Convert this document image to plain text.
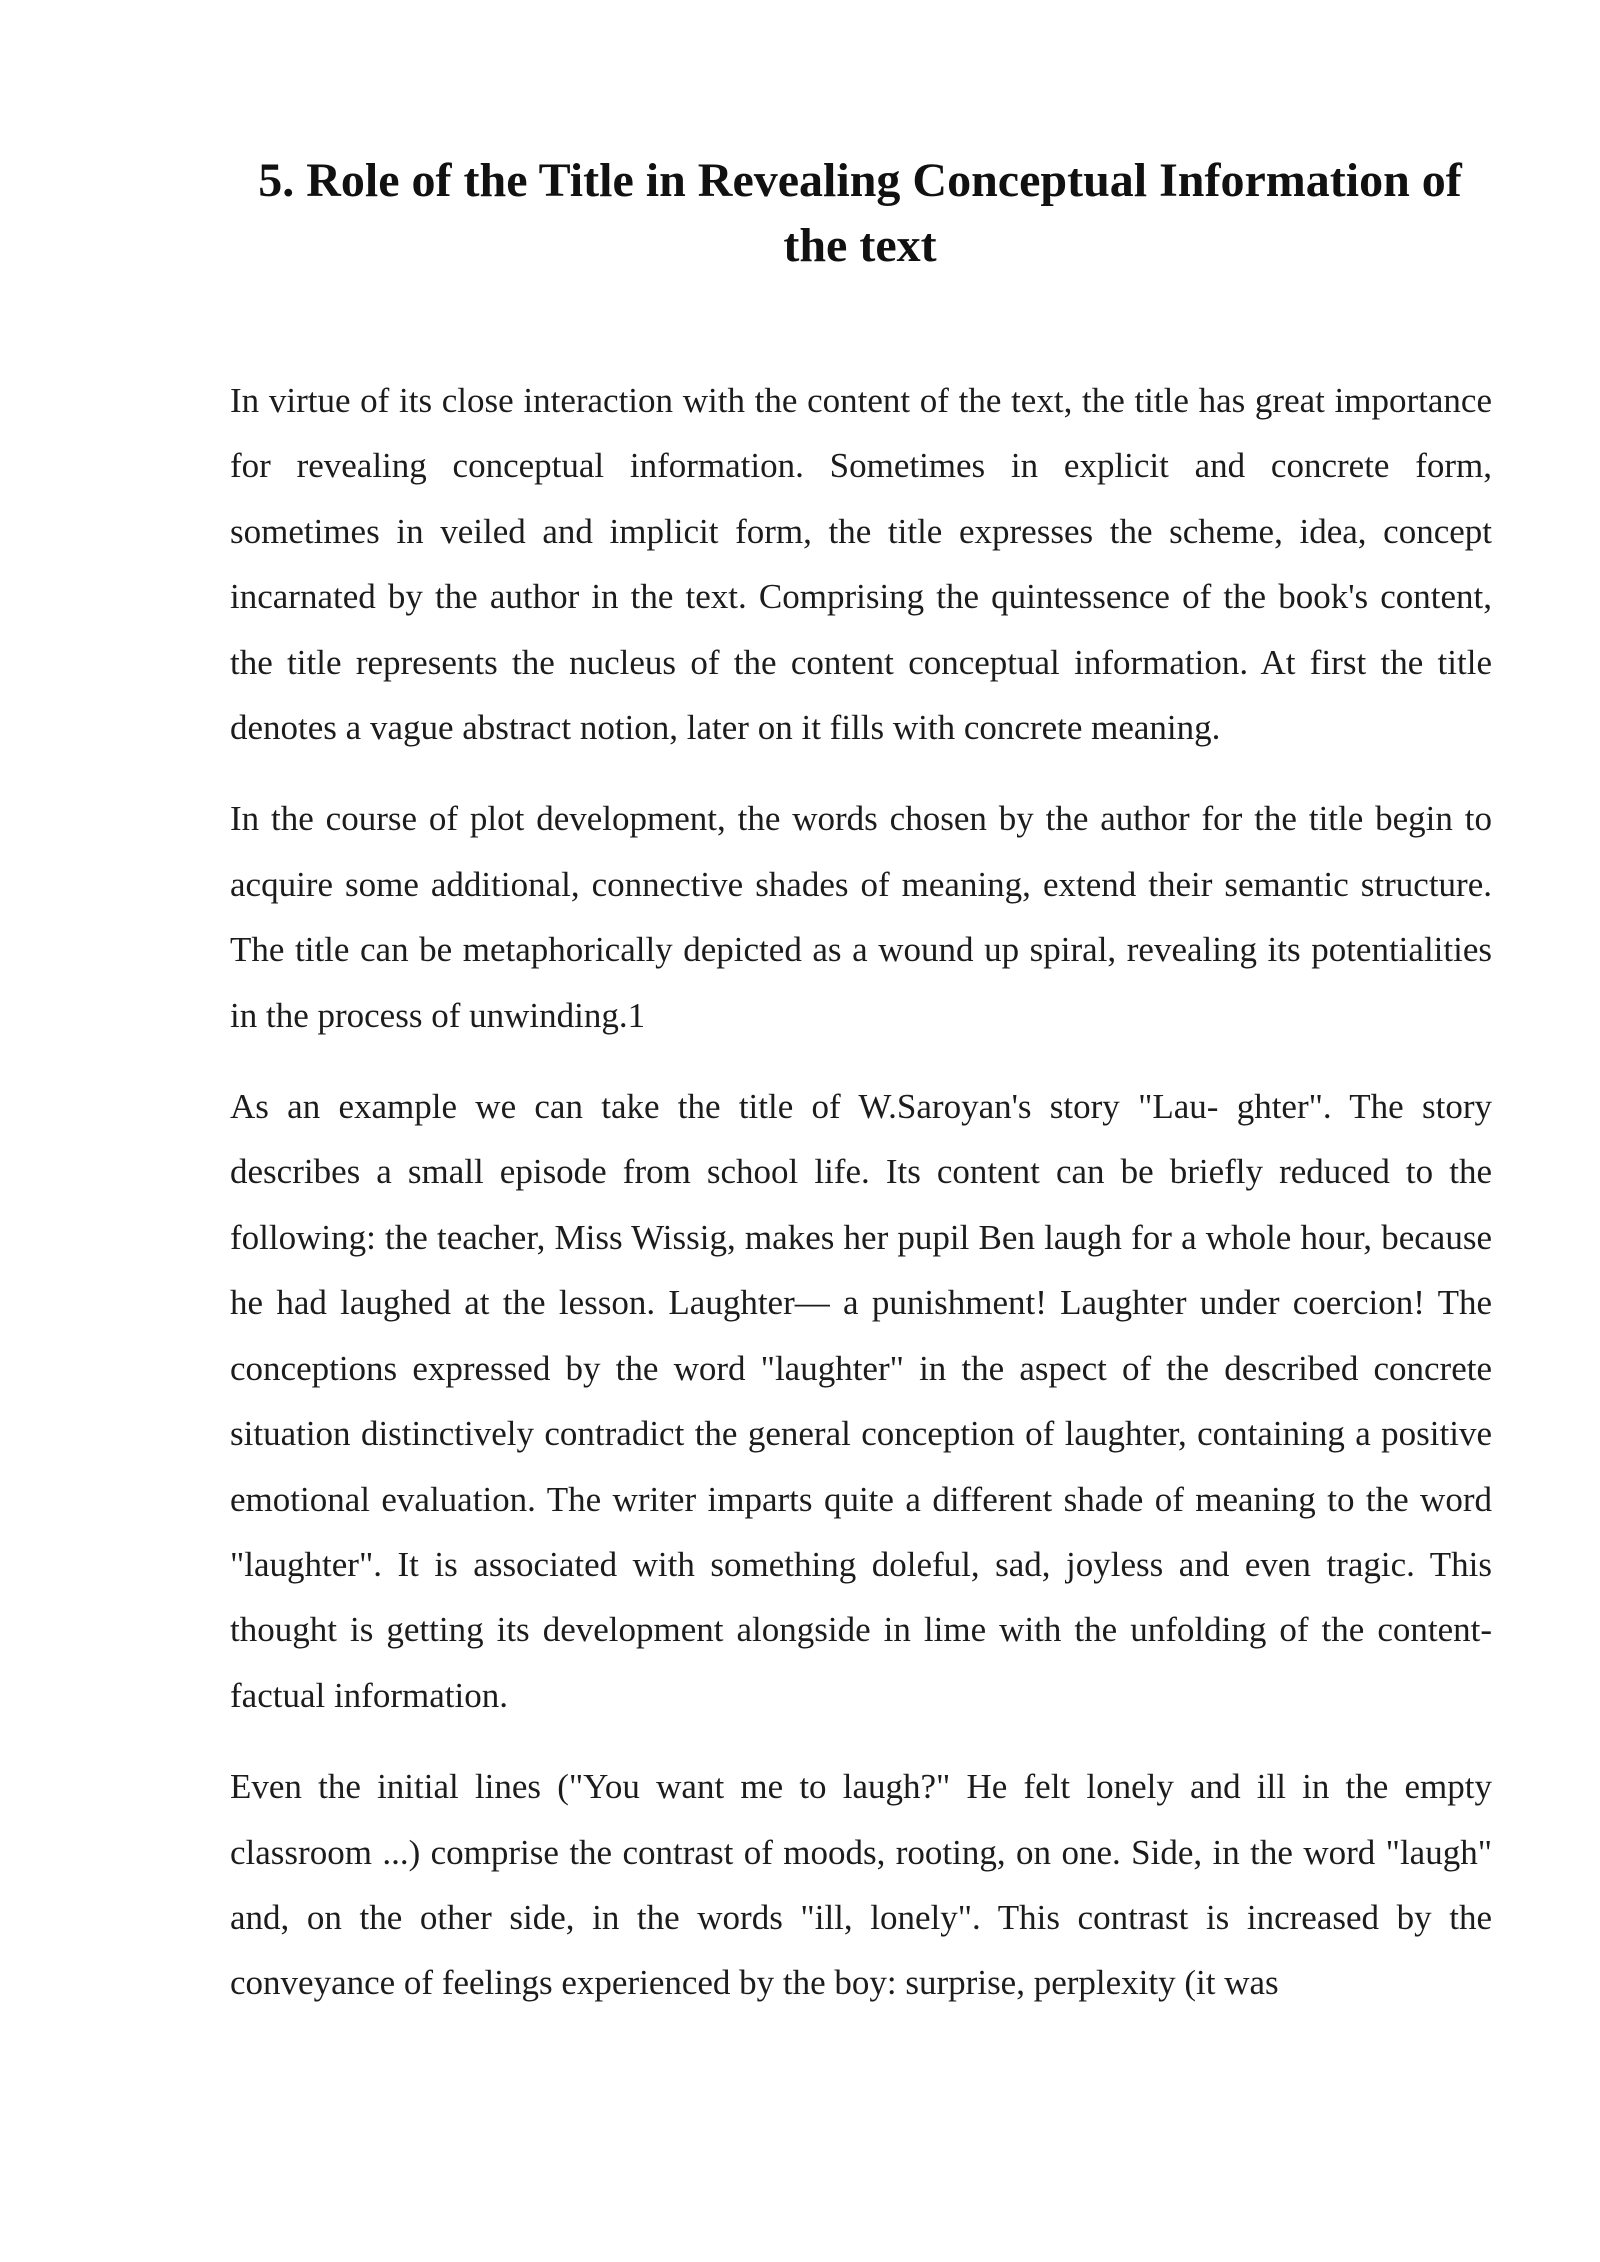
5. Role of the Title in Revealing Conceptual Information of the text

In virtue of its close interaction with the content of the text, the title has great importance for revealing conceptual information. Sometimes in explicit and concrete form, sometimes in veiled and implicit form, the title expresses the scheme, idea, concept incarnated by the author in the text. Comprising the quintessence of the book's content, the title represents the nucleus of the content conceptual information. At first the title denotes a vague abstract notion, later on it fills with concrete meaning.

In the course of plot development, the words chosen by the author for the title begin to acquire some additional, connective shades of meaning, extend their semantic structure. The title can be metaphorically depicted as a wound up spiral, revealing its potentialities in the process of unwinding.1

As an example we can take the title of W.Saroyan's story "Lau- ghter". The story describes a small episode from school life. Its content can be briefly reduced to the following: the teacher, Miss Wissig, makes her pupil Ben laugh for a whole hour, because he had laughed at the lesson. Laughter— a punishment! Laughter under coercion! The conceptions expressed by the word "laughter" in the aspect of the described concrete situation distinctively contradict the general conception of laughter, containing a positive emotional evaluation. The writer imparts quite a different shade of meaning to the word "laughter". It is associated with something doleful, sad, joyless and even tragic. This thought is getting its development alongside in lime with the unfolding of the content-factual information.

Even the initial lines ("You want me to laugh?" He felt lonely and ill in the empty classroom ...) comprise the contrast of moods, rooting, on one. Side, in the word "laugh" and, on the other side, in the words "ill, lonely". This contrast is increased by the conveyance of feelings experienced by the boy: surprise, perplexity (it was
